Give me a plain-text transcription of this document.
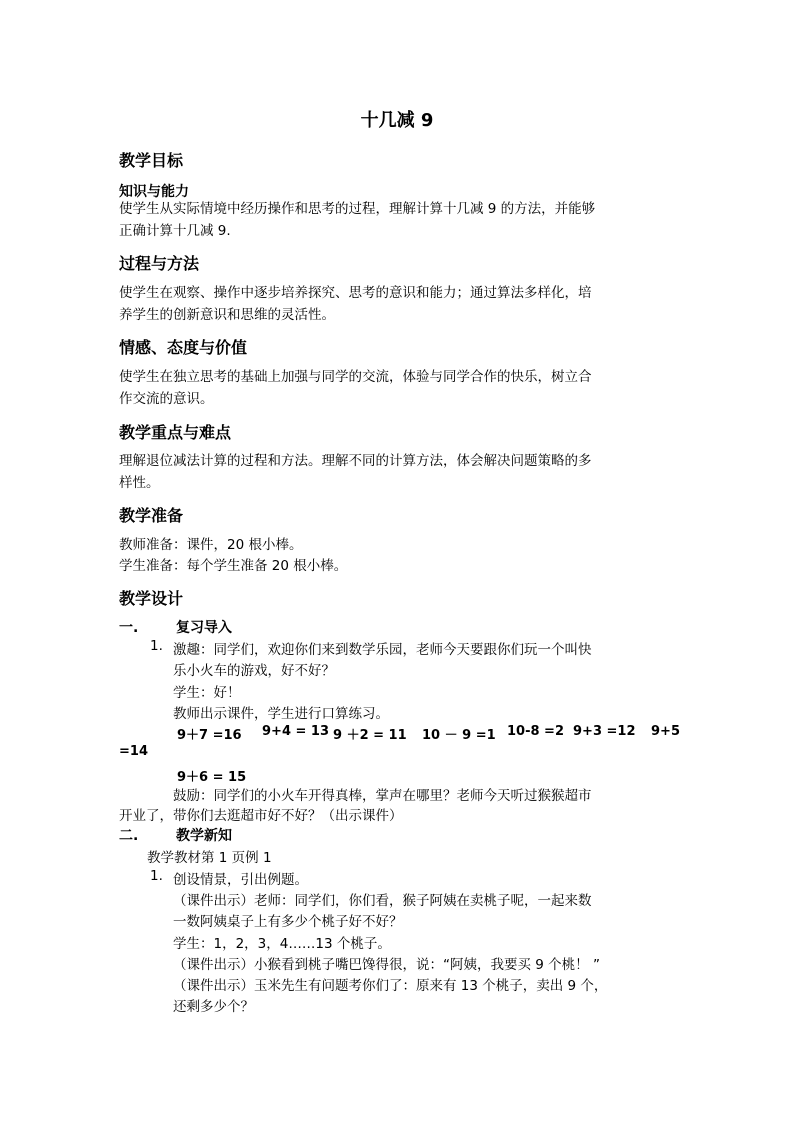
十几减 9
教学目标
知识与能力
使学生从实际情境中经历操作和思考的过程，理解计算十几减 9 的方法，并能够
正确计算十几减 9.
过程与方法
使学生在观察、操作中逐步培养探究、思考的意识和能力；通过算法多样化，培
养学生的创新意识和思维的灵活性。
情感、态度与价值
使学生在独立思考的基础上加强与同学的交流，体验与同学合作的快乐，树立合
作交流的意识。
教学重点与难点
理解退位减法计算的过程和方法。理解不同的计算方法，体会解决问题策略的多
样性。
教学准备
教师准备：课件，20 根小棒。
学生准备：每个学生准备 20 根小棒。
教学设计
一.	复习导入
1. 激趣：同学们，欢迎你们来到数学乐园，老师今天要跟你们玩一个叫快
乐小火车的游戏，好不好？
学生：好！
教师出示课件，学生进行口算练习。
9＋7 =16 9+4 = 13 9 ＋2 = 11 10 － 9 =1 10-8 =2 9+3 =12 9+5
=14
9＋6 = 15
鼓励：同学们的小火车开得真棒，掌声在哪里？老师今天听过猴猴超市
开业了，带你们去逛超市好不好？（出示课件）
二.	教学新知
教学教材第 1 页例 1
1. 创设情景，引出例题。
（课件出示）老师：同学们，你们看，猴子阿姨在卖桃子呢，一起来数
一数阿姨桌子上有多少个桃子好不好？
学生：1，2，3，4……13 个桃子。
（课件出示）小猴看到桃子嘴巴馋得很，说：“阿姨，我要买 9 个桃！ ”
（课件出示）玉米先生有问题考你们了：原来有 13 个桃子，卖出 9 个，
还剩多少个？
